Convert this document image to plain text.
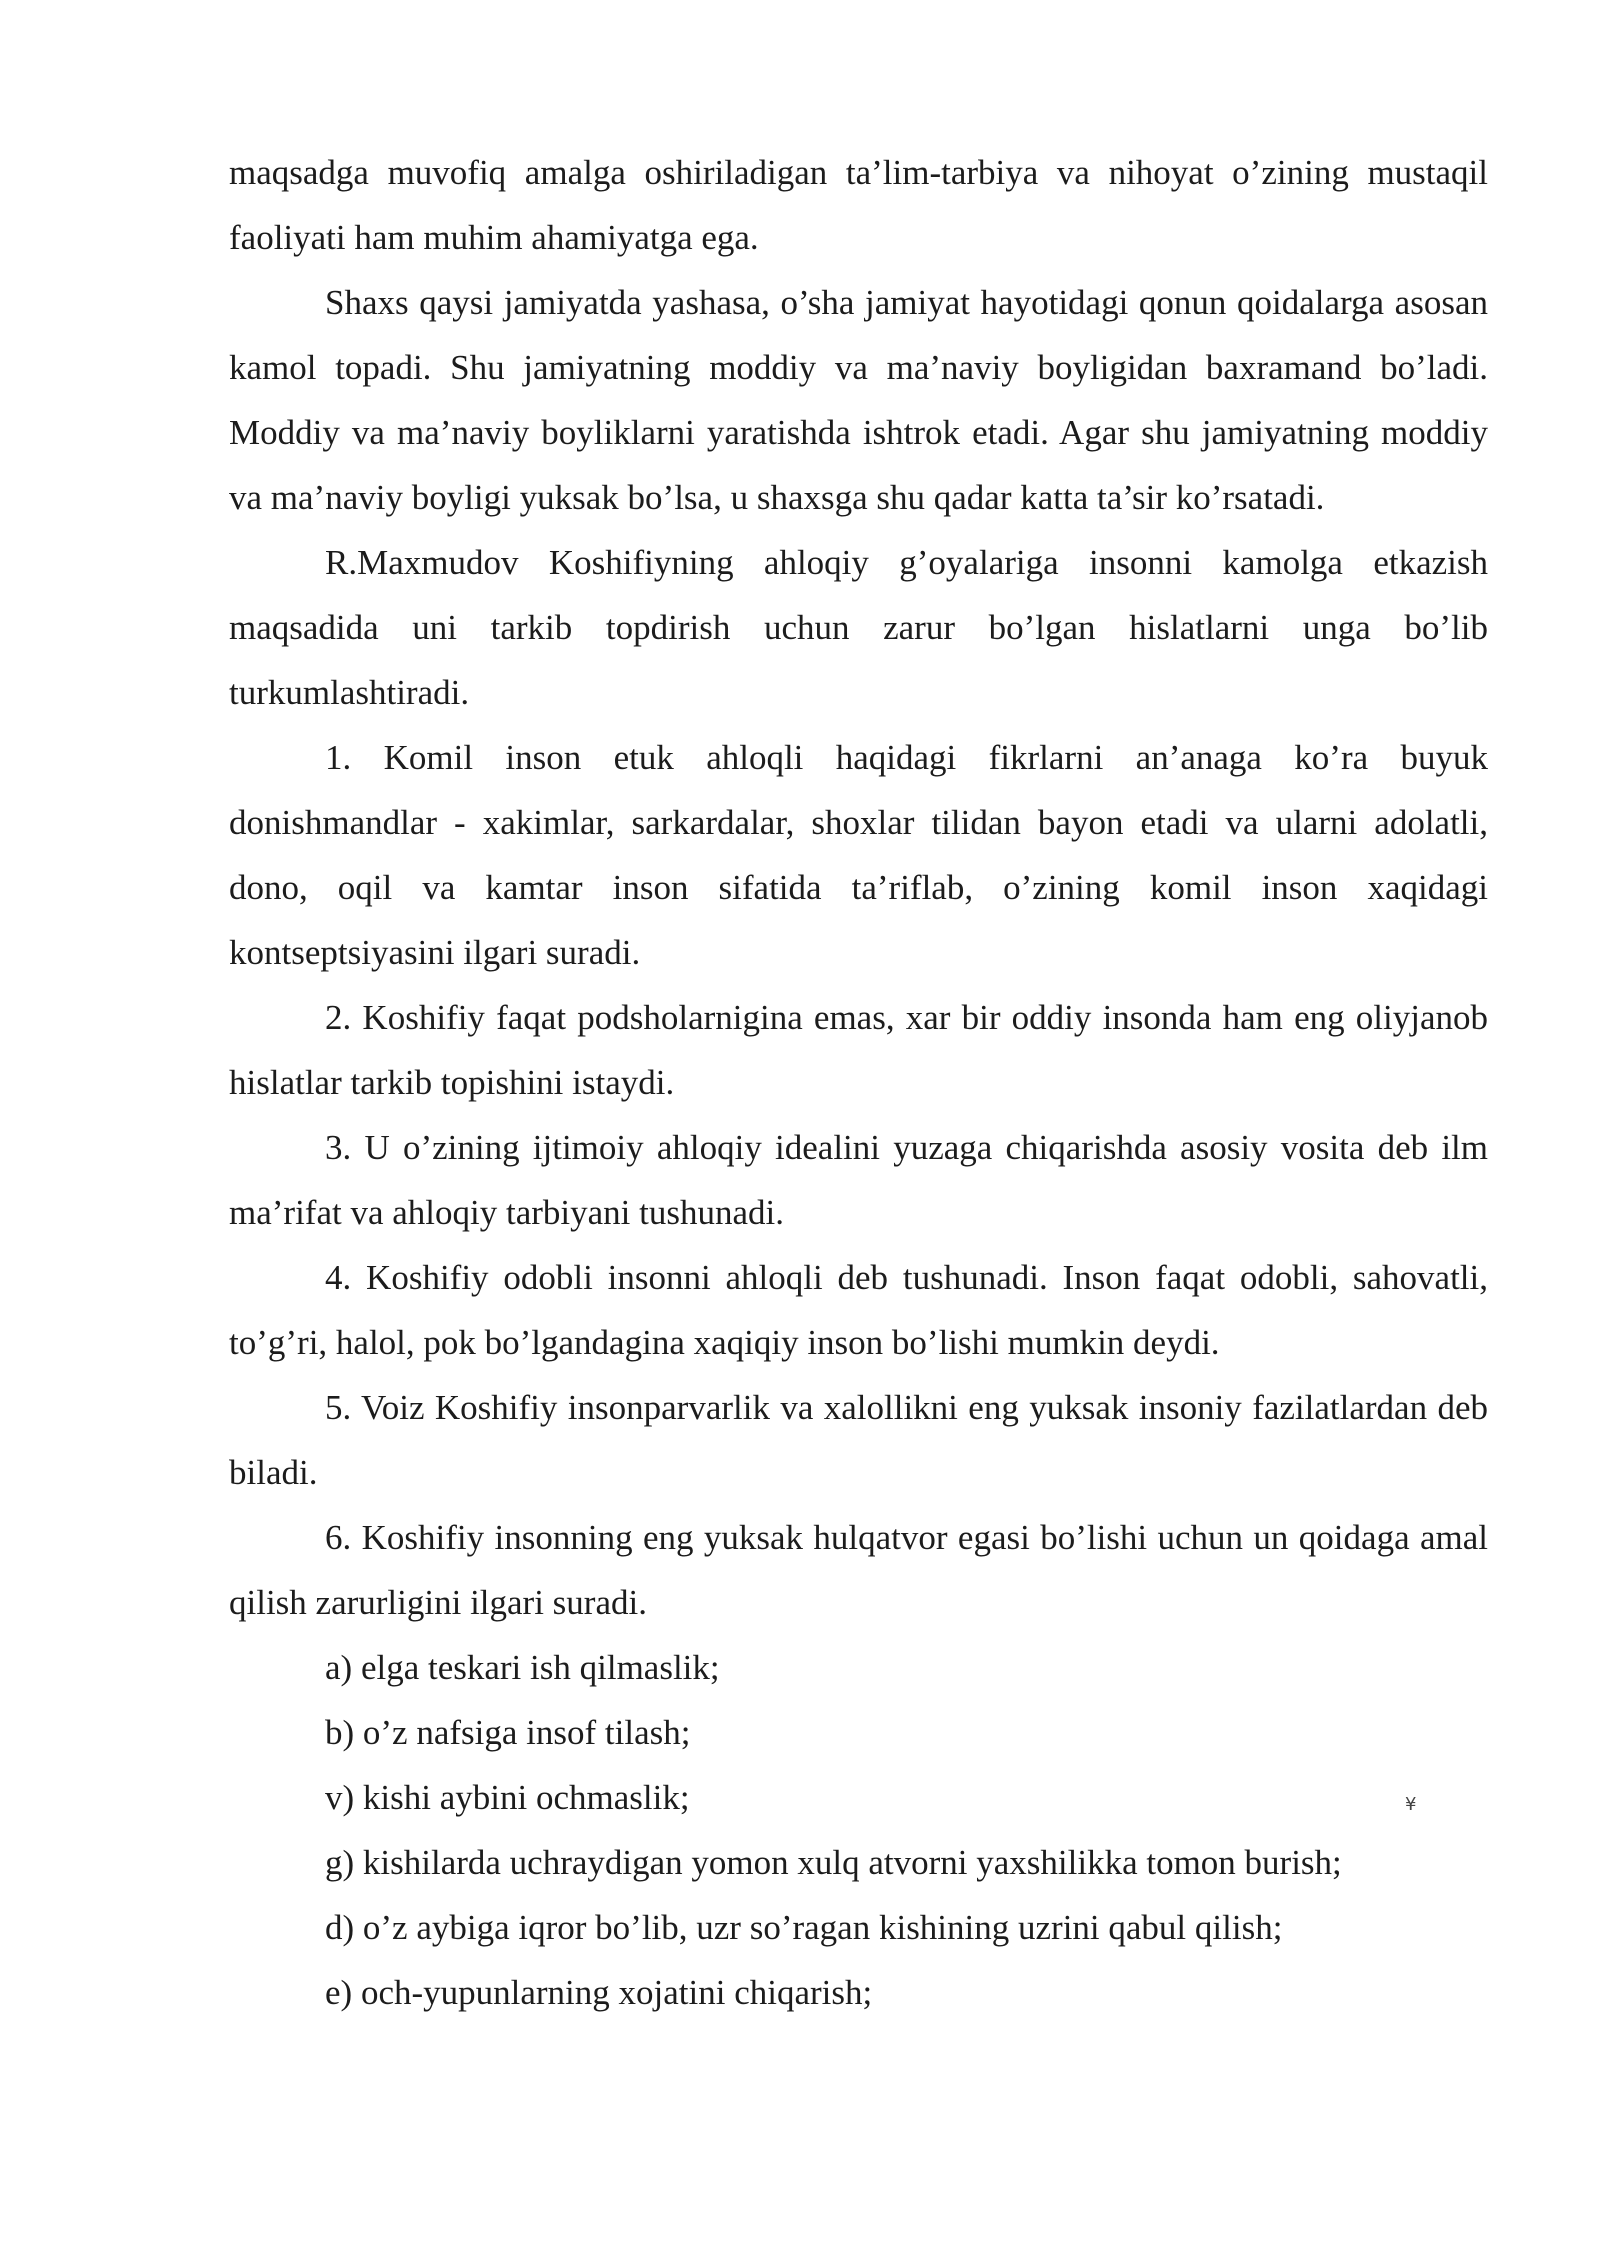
maqsadga muvofiq amalga oshiriladigan ta’lim-tarbiya va nihoyat o’zining mustaqil faoliyati ham muhim ahamiyatga ega.

Shaxs qaysi jamiyatda yashasa, o’sha jamiyat hayotidagi qonun qoidalarga asosan kamol topadi. Shu jamiyatning moddiy va ma’naviy boyligidan baxramand bo’ladi. Moddiy va ma’naviy boyliklarni yaratishda ishtrok etadi. Agar shu jamiyatning moddiy va ma’naviy boyligi yuksak bo’lsa, u shaxsga shu qadar katta ta’sir ko’rsatadi.

R.Maxmudov Koshifiyning ahloqiy g’oyalariga insonni kamolga etkazish maqsadida uni tarkib topdirish uchun zarur bo’lgan hislatlarni unga bo’lib turkumlashtiradi.

1. Komil inson etuk ahloqli haqidagi fikrlarni an’anaga ko’ra buyuk donishmandlar - xakimlar, sarkardalar, shoxlar tilidan bayon etadi va ularni adolatli, dono, oqil va kamtar inson sifatida ta’riflab, o’zining komil inson xaqidagi kontseptsiyasini ilgari suradi.

2. Koshifiy faqat podsholarnigina emas, xar bir oddiy insonda ham eng oliyjanob hislatlar tarkib topishini istaydi.

3. U o’zining ijtimoiy ahloqiy idealini yuzaga chiqarishda asosiy vosita deb ilm ma’rifat va ahloqiy tarbiyani tushunadi.

4. Koshifiy odobli insonni ahloqli deb tushunadi. Inson faqat odobli, sahovatli, to’g’ri, halol, pok bo’lgandagina xaqiqiy inson bo’lishi mumkin deydi.

5. Voiz Koshifiy insonparvarlik va xalollikni eng yuksak insoniy fazilatlardan deb biladi.

6. Koshifiy insonning eng yuksak hulqatvor egasi bo’lishi uchun un qoidaga amal qilish zarurligini ilgari suradi.

a) elga teskari ish qilmaslik;

b) o’z nafsiga insof tilash;

v) kishi aybini ochmaslik;

g) kishilarda uchraydigan yomon xulq atvorni yaxshilikka tomon burish;

d) o’z aybiga iqror bo’lib, uzr so’ragan kishining uzrini qabul qilish;

e) och-yupunlarning xojatini chiqarish;

¥
